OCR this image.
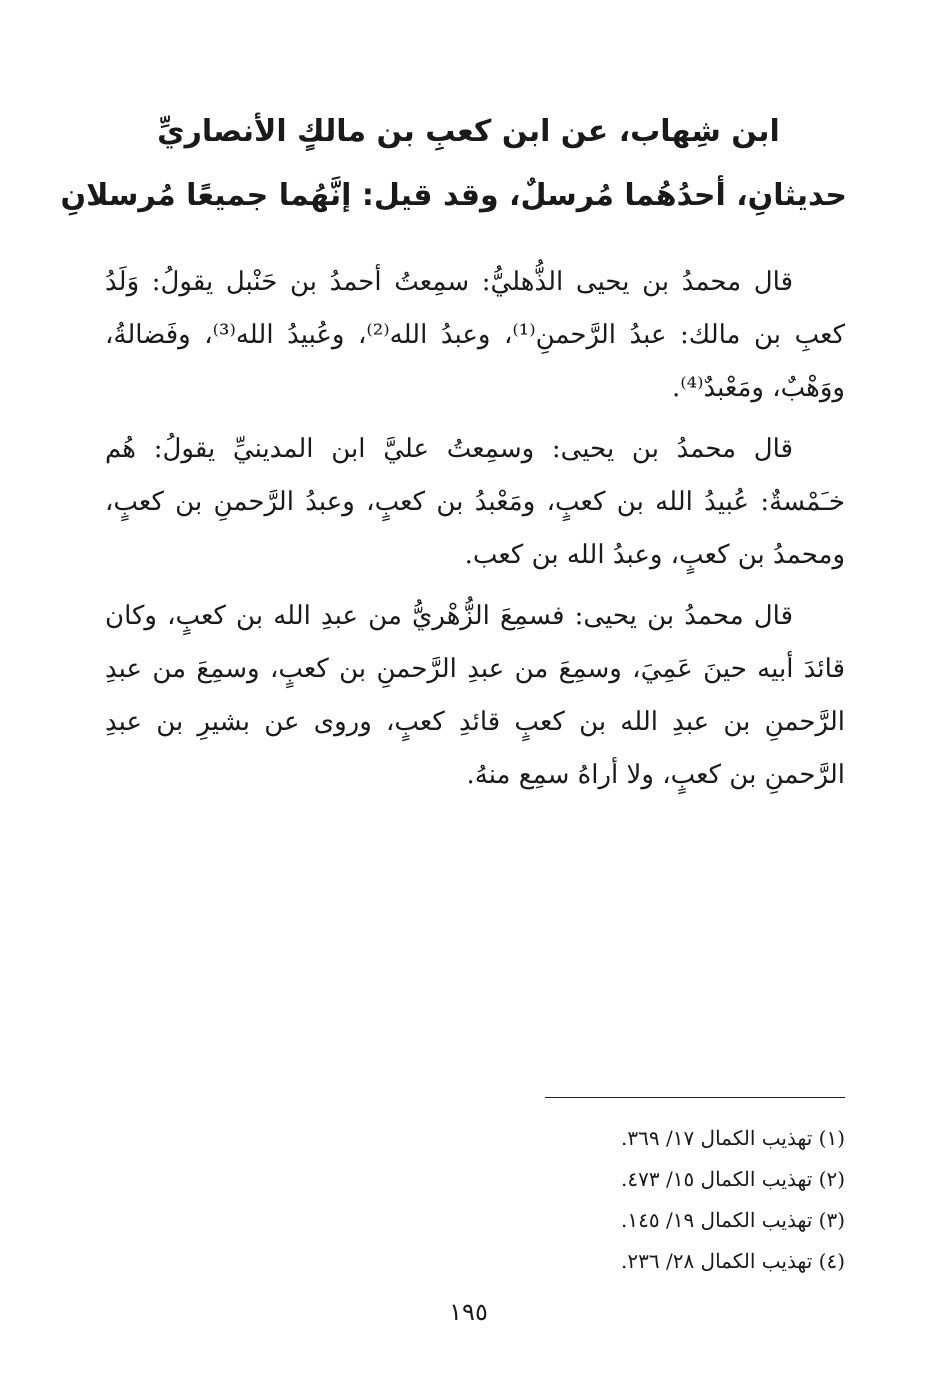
ابن شِهاب، عن ابن كعبِ بن مالكٍ الأنصاريِّ
حديثانِ، أحدُهُما مُرسلٌ، وقد قيل: إنَّهُما جميعًا مُرسلانِ

قال محمدُ بن يحيى الذُّهليُّ: سمِعتُ أحمدُ بن حَنْبل يقولُ: وَلَدُ كعبِ بن مالك: عبدُ الرَّحمنِ⁽¹⁾، وعبدُ الله⁽²⁾، وعُبيدُ الله⁽³⁾، وفَضالةُ، ووَهْبٌ، ومَعْبدٌ⁽⁴⁾.

قال محمدُ بن يحيى: وسمِعتُ عليَّ ابن المدينيِّ يقولُ: هُم خـَمْسةٌ: عُبيدُ الله بن كعبٍ، ومَعْبدُ بن كعبٍ، وعبدُ الرَّحمنِ بن كعبٍ، ومحمدُ بن كعبٍ، وعبدُ الله بن كعب.

قال محمدُ بن يحيى: فسمِعَ الزُّهْريُّ من عبدِ الله بن كعبٍ، وكان قائدَ أبيه حينَ عَمِيَ، وسمِعَ من عبدِ الرَّحمنِ بن كعبٍ، وسمِعَ من عبدِ الرَّحمنِ بن عبدِ الله بن كعبٍ قائدِ كعبٍ، وروى عن بشيرِ بن عبدِ الرَّحمنِ بن كعبٍ، ولا أراهُ سمِع منهُ.

(١) تهذيب الكمال ١٧/ ٣٦٩.

(٢) تهذيب الكمال ١٥/ ٤٧٣.

(٣) تهذيب الكمال ١٩/ ١٤٥.

(٤) تهذيب الكمال ٢٨/ ٢٣٦.

١٩٥
